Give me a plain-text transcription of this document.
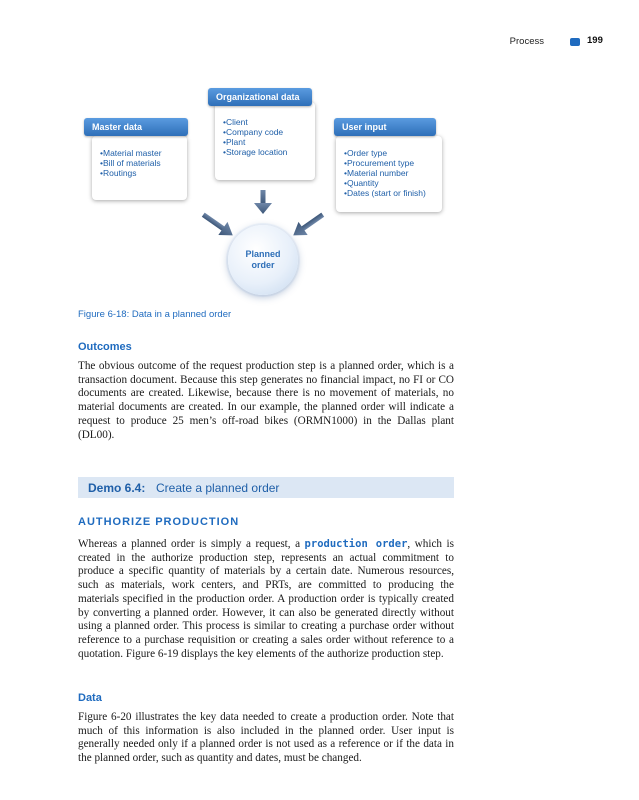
Process	199
• Client
• Company code
• Plant
• Storage location
Organizational data
• Material master
• Bill of materials
• Routings
Master data
• Order type
• Procurement type
• Material number
• Quantity
• Dates (start or finish)
User input
Planned
order
Figure 6-18: Data in a planned order
Outcomes

The obvious outcome of the request production step is a planned order, which is a transaction document. Because this step generates no financial impact, no FI or CO documents are created. Likewise, because there is no movement of materials, no material documents are created. In our example, the planned order will indicate a request to produce 25 men’s off-road bikes (ORMN1000) in the Dallas plant (DL00).

Demo 6.4: Create a planned order
AUTHORIZE PRODUCTION

Whereas a planned order is simply a request, a production order, which is created in the authorize production step, represents an actual commitment to produce a specific quantity of materials by a certain date. Numerous resources, such as materials, work centers, and PRTs, are committed to producing the materials specified in the production order. A production order is typically created by converting a planned order. However, it can also be generated directly without using a planned order. This process is similar to creating a purchase order without reference to a purchase requisition or creating a sales order without reference to a quotation. Figure 6-19 displays the key elements of the authorize production step.

Data

Figure 6-20 illustrates the key data needed to create a production order. Note that much of this information is also included in the planned order. User input is generally needed only if a planned order is not used as a reference or if the data in the planned order, such as quantity and dates, must be changed.
